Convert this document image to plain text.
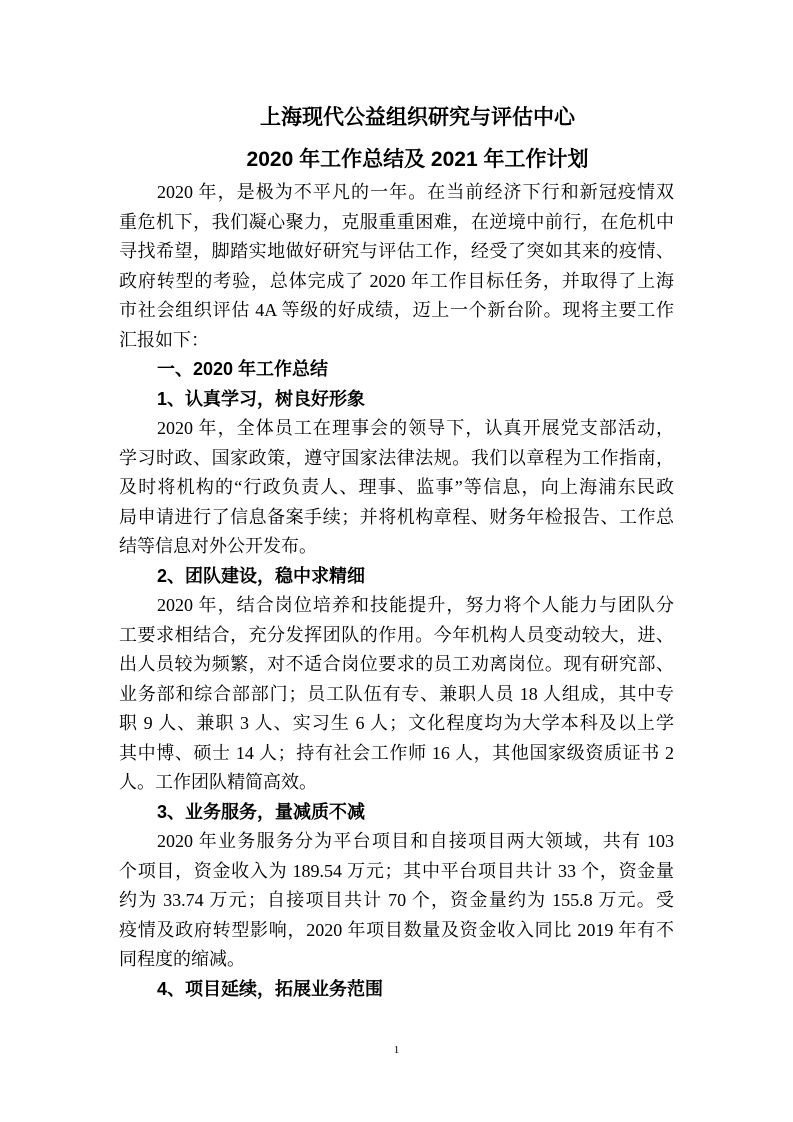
上海现代公益组织研究与评估中心
2020 年工作总结及 2021 年工作计划
2020 年，是极为不平凡的一年。在当前经济下行和新冠疫情双
重危机下，我们凝心聚力，克服重重困难，在逆境中前行，在危机中
寻找希望，脚踏实地做好研究与评估工作，经受了突如其来的疫情、
政府转型的考验，总体完成了 2020 年工作目标任务，并取得了上海
市社会组织评估 4A 等级的好成绩，迈上一个新台阶。现将主要工作
汇报如下：
一、2020 年工作总结
1、认真学习，树良好形象
2020 年，全体员工在理事会的领导下，认真开展党支部活动，
学习时政、国家政策，遵守国家法律法规。我们以章程为工作指南，
及时将机构的“行政负责人、理事、监事”等信息，向上海浦东民政
局申请进行了信息备案手续；并将机构章程、财务年检报告、工作总
结等信息对外公开发布。
2、团队建设，稳中求精细
2020 年，结合岗位培养和技能提升，努力将个人能力与团队分
工要求相结合，充分发挥团队的作用。今年机构人员变动较大，进、
出人员较为频繁，对不适合岗位要求的员工劝离岗位。现有研究部、
业务部和综合部部门；员工队伍有专、兼职人员 18 人组成，其中专
职 9 人、兼职 3 人、实习生 6 人；文化程度均为大学本科及以上学
其中博、硕士 14 人；持有社会工作师 16 人，其他国家级资质证书 2
人。工作团队精简高效。
3、业务服务，量减质不减
2020 年业务服务分为平台项目和自接项目两大领域，共有 103
个项目，资金收入为 189.54 万元；其中平台项目共计 33 个，资金量
约为 33.74 万元；自接项目共计 70 个，资金量约为 155.8 万元。受
疫情及政府转型影响，2020 年项目数量及资金收入同比 2019 年有不
同程度的缩减。
4、项目延续，拓展业务范围
1
